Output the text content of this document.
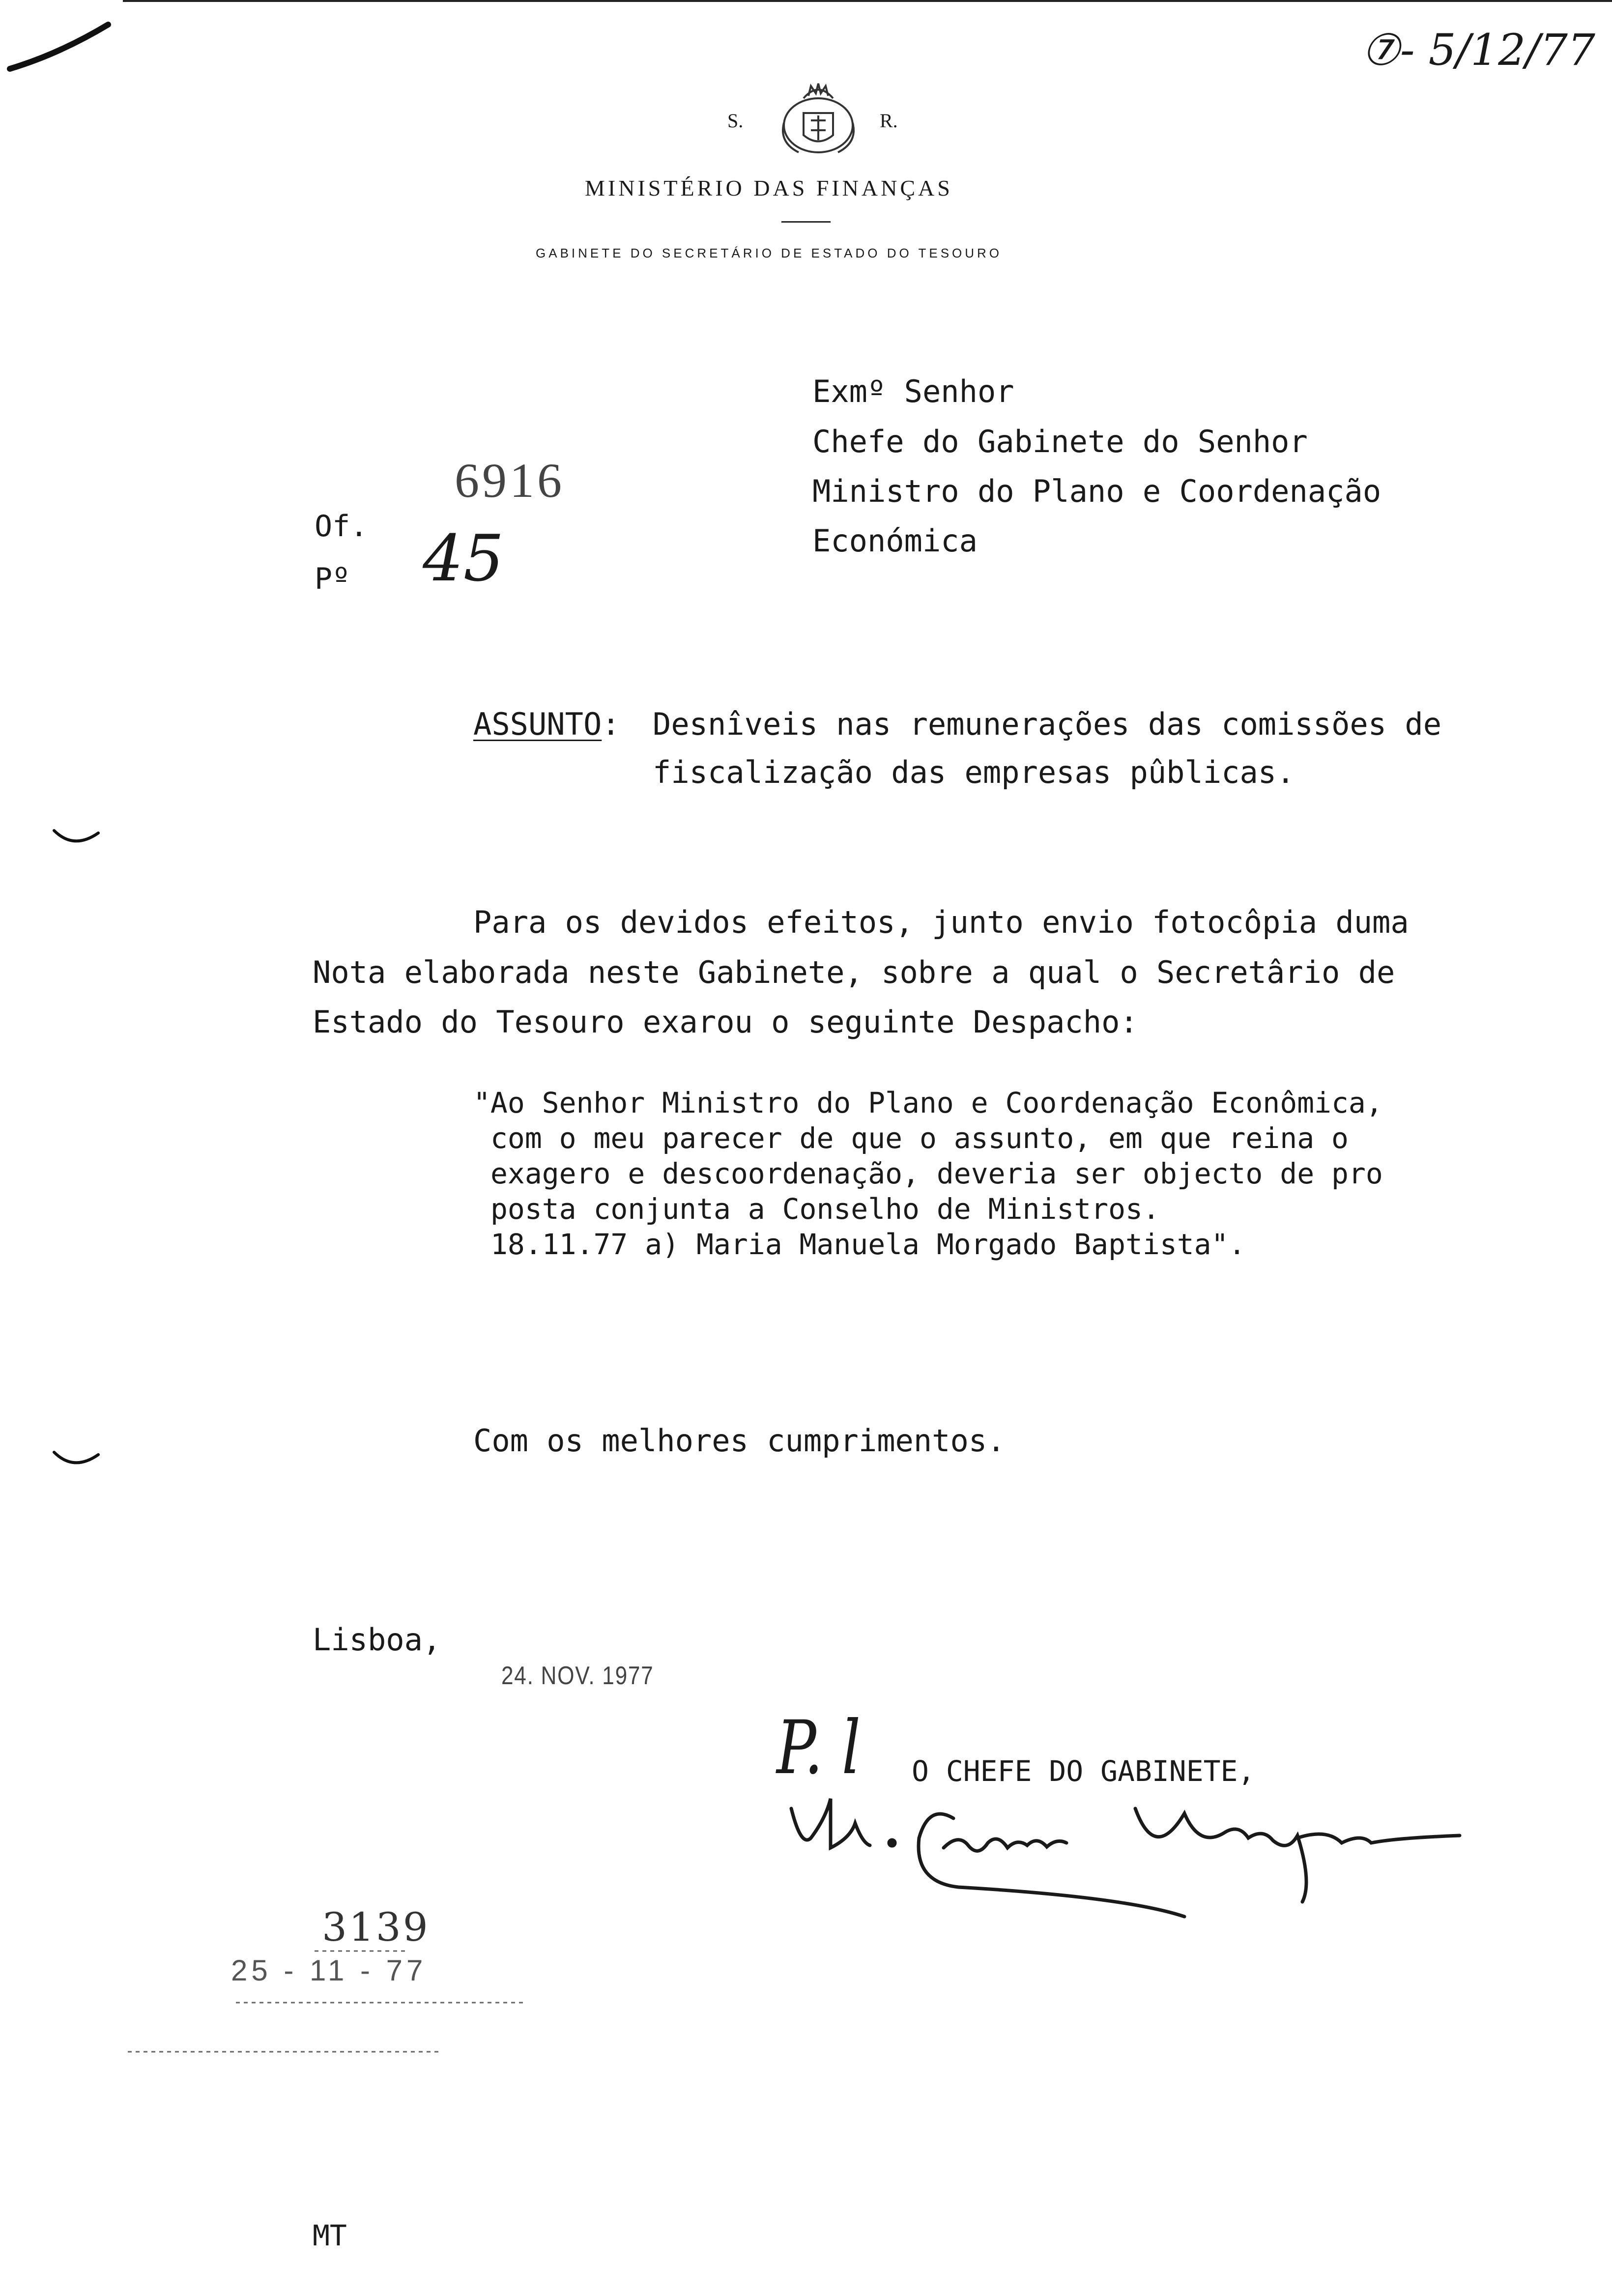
⑦- 5/12/77
S.	R.
MINISTÉRIO DAS FINANÇAS
GABINETE DO SECRETÁRIO DE ESTADO DO TESOURO
Exmº Senhor
Chefe do Gabinete do Senhor
Ministro do Plano e Coordenação
Económica
Of.
Pº
6916
45
ASSUNTO: Desnîveis nas remunerações das comissões de
fiscalização das empresas pûblicas.
Para os devidos efeitos, junto envio fotocôpia duma
Nota elaborada neste Gabinete, sobre a qual o Secretârio de
Estado do Tesouro exarou o seguinte Despacho:
"Ao Senhor Ministro do Plano e Coordenação Econômica,
com o meu parecer de que o assunto, em que reina o
exagero e descoordenação, deveria ser objecto de pro
posta conjunta a Conselho de Ministros.
18.11.77 a) Maria Manuela Morgado Baptista".
Com os melhores cumprimentos.
Lisboa,
24. NOV. 1977
P. l O CHEFE DO GABINETE,
3139
25 - 11 - 77
MT
